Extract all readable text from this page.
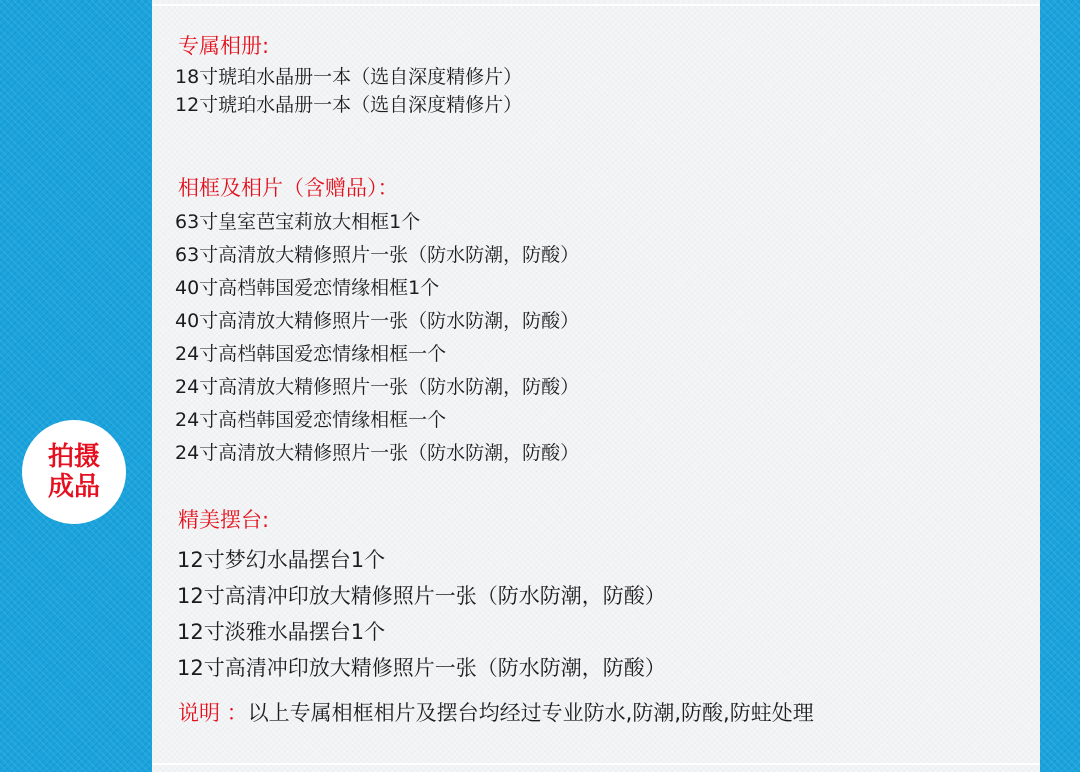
拍摄
成品
专属相册:
18寸琥珀水晶册一本（选自深度精修片）
12寸琥珀水晶册一本（选自深度精修片）
相框及相片（含赠品）：
63寸皇室芭宝莉放大相框1个
63寸高清放大精修照片一张（防水防潮，防酸）
40寸高档韩国爱恋情缘相框1个
40寸高清放大精修照片一张（防水防潮，防酸）
24寸高档韩国爱恋情缘相框一个
24寸高清放大精修照片一张（防水防潮，防酸）
24寸高档韩国爱恋情缘相框一个
24寸高清放大精修照片一张（防水防潮，防酸）
精美摆台:
12寸梦幻水晶摆台1个
12寸高清冲印放大精修照片一张（防水防潮，防酸）
12寸淡雅水晶摆台1个
12寸高清冲印放大精修照片一张（防水防潮，防酸）
说明 ：以上专属相框相片及摆台均经过专业防水,防潮,防酸,防蛀处理
